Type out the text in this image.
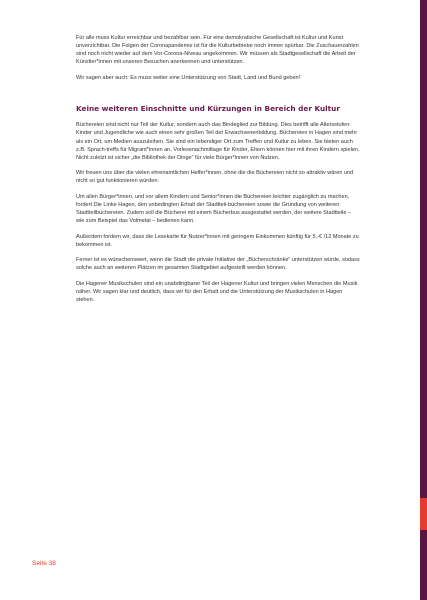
Für alle muss Kultur erreichbar und bezahlbar sein. Für eine demokratische Gesellschaft ist Kultur und Kunst unverzichtbar. Die Folgen der Coronapandemie ist für die Kulturbetriebe noch immer spürbar. Die Zuschauerzahlen sind noch nicht wieder auf dem Vor-Corona-Niveau angekommen. Wir müssen als Stadtgesellschaft die Arbeit der Künstler*innen mit unseren Besuchen anerkennen und unterstützen.

Wir sagen aber auch: Es muss weiter eine Unterstützung von Stadt, Land und Bund geben!

Keine weiteren Einschnitte und Kürzungen in Bereich der Kultur

Büchereien sind nicht nur Teil der Kultur, sondern auch das Bindeglied zur Bildung. Dies betrifft alle Altersstufen: Kinder und Jugendliche wie auch einen sehr großen Teil der Erwachsenenbildung. Büchereien in Hagen sind mehr als ein Ort, um Medien auszuleihen. Sie sind ein lebendiger Ort zum Treffen und Kultur zu leben. Sie bieten auch z.B. Sprach-treffs für Migrant*innen an, Vorlesenachmittage für Kinder, Eltern können hier mit ihren Kindern spielen. Nicht zuletzt ist sicher „die Bibliothek der Dinge“ für viele Bürger*innen von Nutzen.

Wir freuen uns über die vielen ehrenamtlichen Helfer*innen, ohne die die Büchereien nicht so attraktiv wären und nicht so gut funktionieren würden.

Um allen Bürger*innen, und vor allem Kindern und Senior*innen die Büchereien leichter zugänglich zu machen, fordert Die Linke Hagen, den unbedingten Erhalt der Stadtteil-büchereien sowie die Gründung von weiteren Stadtteilbüchereien. Zudem soll die Bücherei mit einem Bücherbus ausgestattet werden, der weitere Stadtteile – wie zum Beispiel das Volmetal – bedienen kann.

Außerdem fordern wir, dass die Lesekarte für Nutzer*innen mit geringem Einkommen künftig für 5,-€ /12 Monate zu bekommen ist.

Ferner ist es wünschenswert, wenn die Stadt die private Initiative der „Bücherschränke“ unterstützen würde, sodass solche auch an weiteren Plätzen im gesamten Stadtgebiet aufgestellt werden können.

Die Hagener Musikschulen sind ein unabdingbarer Teil der Hagener Kultur und bringen vielen Menschen die Musik näher. Wir sagen klar und deutlich, dass wir für den Erhalt und die Unterstützung der Musikschulen in Hagen stehen.

Seite 38
